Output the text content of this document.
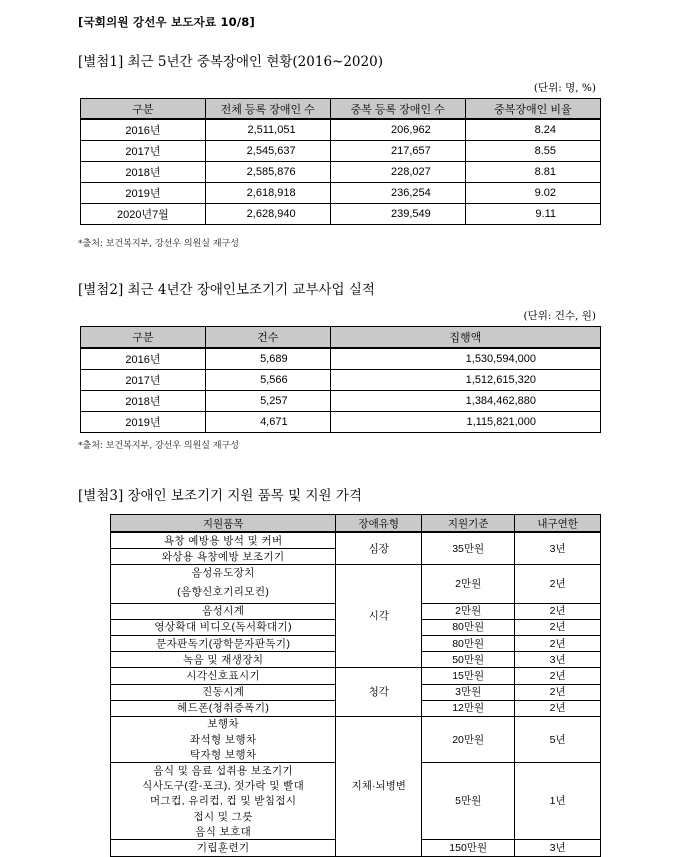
[국회의원 강선우 보도자료 10/8]
[별첨1] 최근 5년간 중복장애인 현황(2016~2020)
(단위: 명, %)
구분	전체 등록 장애인 수	중복 등록 장애인 수	중복장애인 비율
2016년	2,511,051	206,962	8.24
2017년	2,545,637	217,657	8.55
2018년	2,585,876	228,027	8.81
2019년	2,618,918	236,254	9.02
2020년7월	2,628,940	239,549	9.11
*출처: 보건복지부, 강선우 의원실 재구성
[별첨2] 최근 4년간 장애인보조기기 교부사업 실적
(단위: 건수, 원)
구분	건수	집행액
2016년	5,689	1,530,594,000
2017년	5,566	1,512,615,320
2018년	5,257	1,384,462,880
2019년	4,671	1,115,821,000
*출처: 보건복지부, 강선우 의원실 재구성
[별첨3] 장애인 보조기기 지원 품목 및 지원 가격
지원품목	장애유형	지원기준	내구연한
욕창 예방용 방석 및 커버	심장	35만원	3년
와상용 욕창예방 보조기기			
음성유도장치	시각	2만원	2년
(음향신호기리모컨)			
음성시계		2만원	2년
영상확대 비디오(독서확대기)		80만원	2년
문자판독기(광학문자판독기)		80만원	2년
녹음 및 재생장치		50만원	3년
시각신호표시기	청각	15만원	2년
진동시계		3만원	2년
헤드폰(청취증폭기)		12만원	2년
보행차	지체·뇌병변	20만원	5년
좌석형 보행차			
탁자형 보행차			
음식 및 음료 섭취용 보조기기		5만원	1년
식사도구(칼-포크), 젓가락 및 빨대			
머그컵, 유리컵, 컵 및 받침접시			
접시 및 그릇			
음식 보호대			
기립훈련기		150만원	3년
